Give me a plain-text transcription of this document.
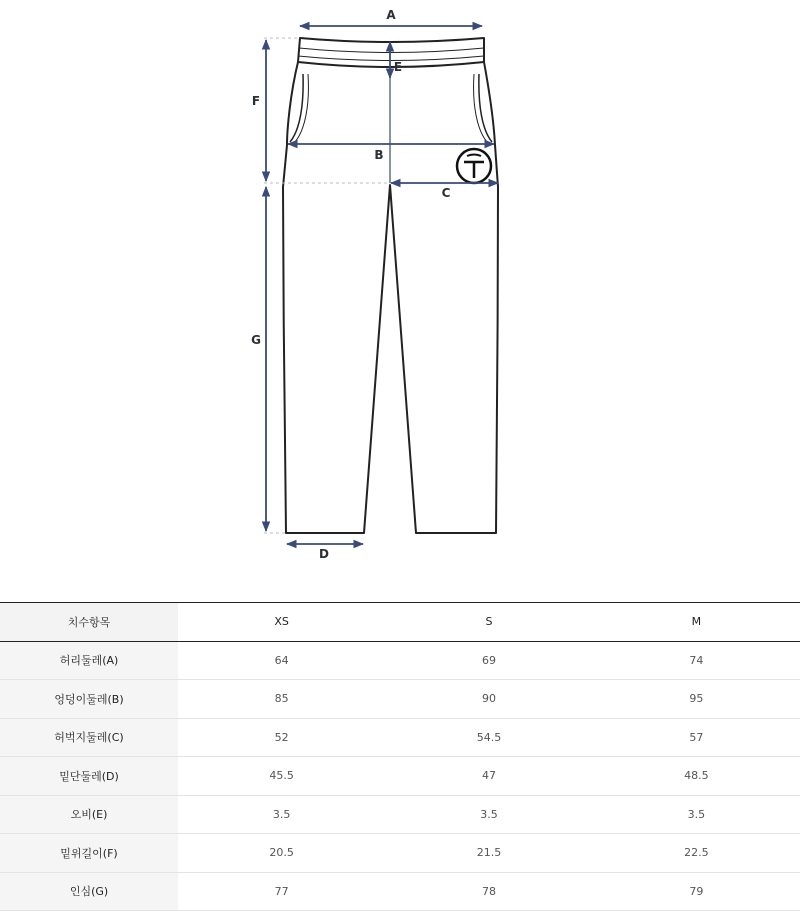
A
E
F
B
C
G
D
치수항목	XS	S	M
허리둘레(A)	64	69	74
엉덩이둘레(B)	85	90	95
허벅지둘레(C)	52	54.5	57
밑단둘레(D)	45.5	47	48.5
오비(E)	3.5	3.5	3.5
밑위길이(F)	20.5	21.5	22.5
인심(G)	77	78	79
